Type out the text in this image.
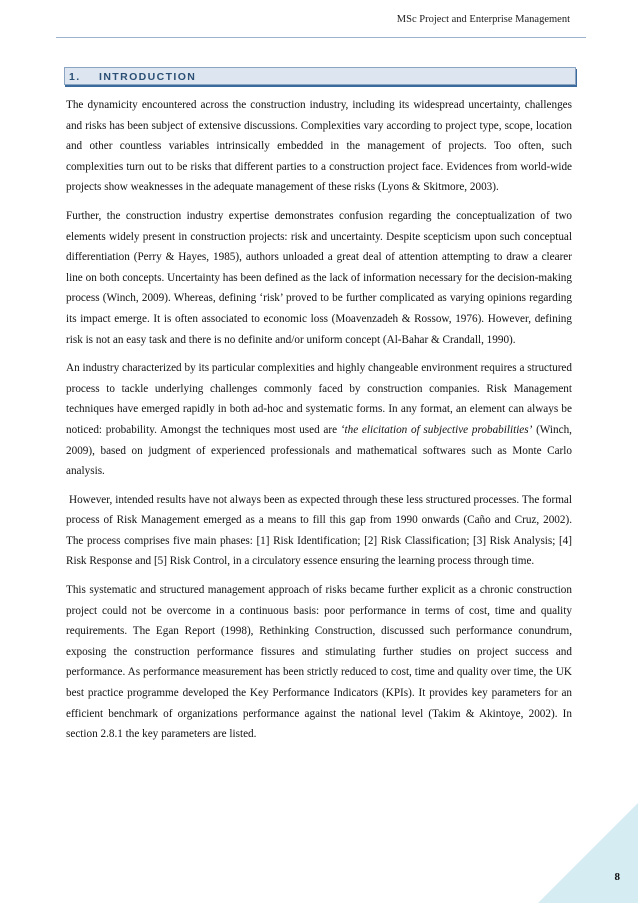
MSc Project and Enterprise Management
1. INTRODUCTION

The dynamicity encountered across the construction industry, including its widespread uncertainty, challenges and risks has been subject of extensive discussions. Complexities vary according to project type, scope, location and other countless variables intrinsically embedded in the management of projects. Too often, such complexities turn out to be risks that different parties to a construction project face. Evidences from world-wide projects show weaknesses in the adequate management of these risks (Lyons & Skitmore, 2003).

Further, the construction industry expertise demonstrates confusion regarding the conceptualization of two elements widely present in construction projects: risk and uncertainty. Despite scepticism upon such conceptual differentiation (Perry & Hayes, 1985), authors unloaded a great deal of attention attempting to draw a clearer line on both concepts. Uncertainty has been defined as the lack of information necessary for the decision-making process (Winch, 2009). Whereas, defining ‘risk’ proved to be further complicated as varying opinions regarding its impact emerge. It is often associated to economic loss (Moavenzadeh & Rossow, 1976). However, defining risk is not an easy task and there is no definite and/or uniform concept (Al-Bahar & Crandall, 1990).

An industry characterized by its particular complexities and highly changeable environment requires a structured process to tackle underlying challenges commonly faced by construction companies. Risk Management techniques have emerged rapidly in both ad-hoc and systematic forms. In any format, an element can always be noticed: probability. Amongst the techniques most used are ‘the elicitation of subjective probabilities’ (Winch, 2009), based on judgment of experienced professionals and mathematical softwares such as Monte Carlo analysis.

However, intended results have not always been as expected through these less structured processes. The formal process of Risk Management emerged as a means to fill this gap from 1990 onwards (Caño and Cruz, 2002). The process comprises five main phases: [1] Risk Identification; [2] Risk Classification; [3] Risk Analysis; [4] Risk Response and [5] Risk Control, in a circulatory essence ensuring the learning process through time.

This systematic and structured management approach of risks became further explicit as a chronic construction project could not be overcome in a continuous basis: poor performance in terms of cost, time and quality requirements. The Egan Report (1998), Rethinking Construction, discussed such performance conundrum, exposing the construction performance fissures and stimulating further studies on project success and performance. As performance measurement has been strictly reduced to cost, time and quality over time, the UK best practice programme developed the Key Performance Indicators (KPIs). It provides key parameters for an efficient benchmark of organizations performance against the national level (Takim & Akintoye, 2002). In section 2.8.1 the key parameters are listed.

8
